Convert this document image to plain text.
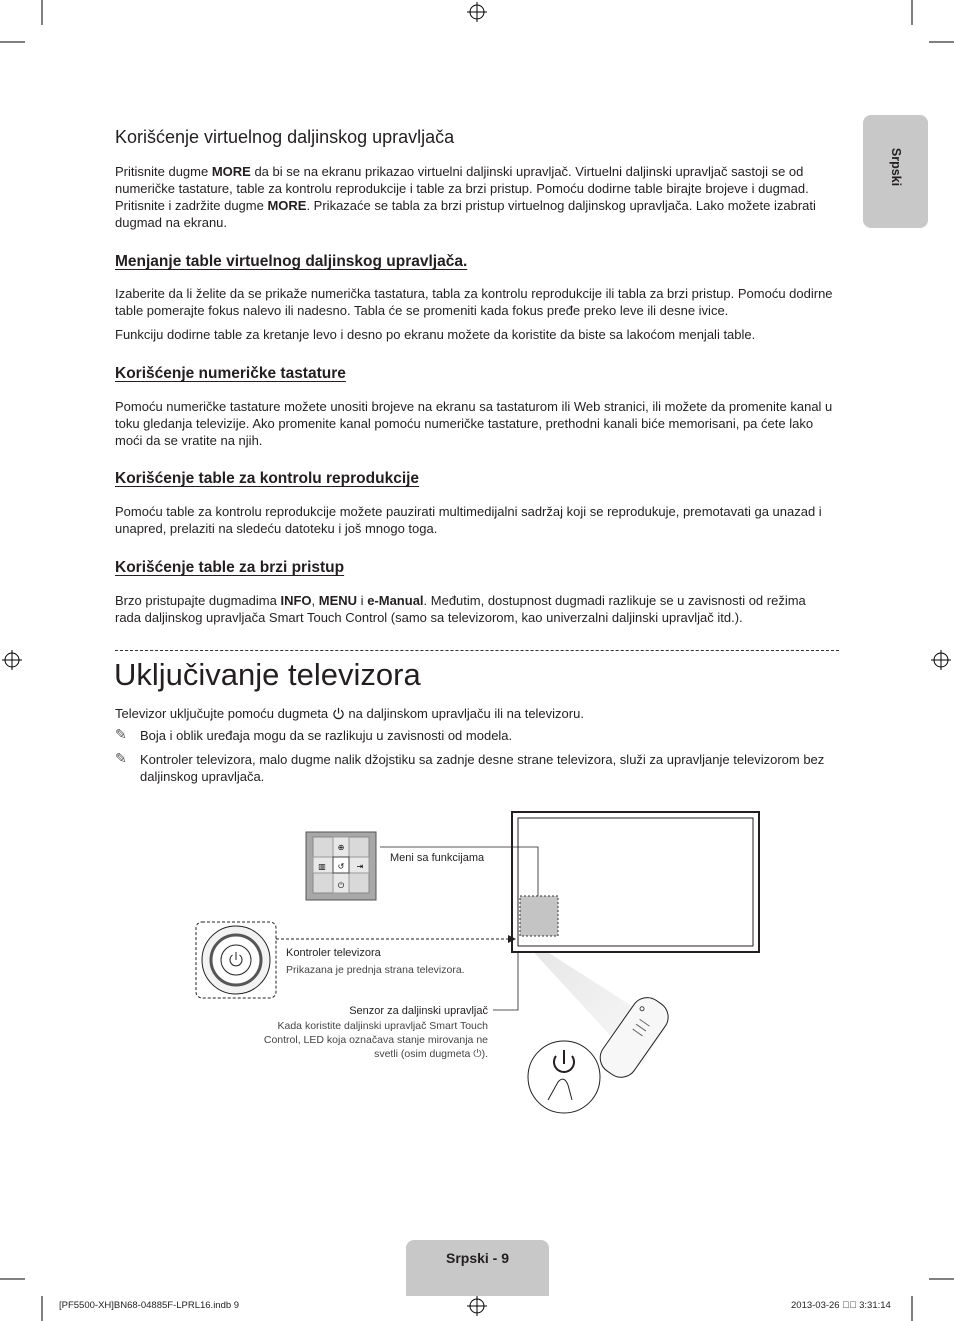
Srpski
Korišćenje virtuelnog daljinskog upravljača

Pritisnite dugme MORE da bi se na ekranu prikazao virtuelni daljinski upravljač. Virtuelni daljinski upravljač sastoji se od numeričke tastature, table za kontrolu reprodukcije i table za brzi pristup. Pomoću dodirne table birajte brojeve i dugmad. Pritisnite i zadržite dugme MORE. Prikazaće se tabla za brzi pristup virtuelnog daljinskog upravljača. Lako možete izabrati dugmad na ekranu.

Menjanje table virtuelnog daljinskog upravljača.

Izaberite da li želite da se prikaže numerička tastatura, tabla za kontrolu reprodukcije ili tabla za brzi pristup. Pomoću dodirne table pomerajte fokus nalevo ili nadesno. Tabla će se promeniti kada fokus pređe preko leve ili desne ivice.

Funkciju dodirne table za kretanje levo i desno po ekranu možete da koristite da biste sa lakoćom menjali table.

Korišćenje numeričke tastature

Pomoću numeričke tastature možete unositi brojeve na ekranu sa tastaturom ili Web stranici, ili možete da promenite kanal u toku gledanja televizije. Ako promenite kanal pomoću numeričke tastature, prethodni kanali biće memorisani, pa ćete lako moći da se vratite na njih.

Korišćenje table za kontrolu reprodukcije

Pomoću table za kontrolu reprodukcije možete pauzirati multimedijalni sadržaj koji se reprodukuje, premotavati ga unazad i unapred, prelaziti na sledeću datoteku i još mnogo toga.

Korišćenje table za brzi pristup

Brzo pristupajte dugmadima INFO, MENU i e-Manual. Međutim, dostupnost dugmadi razlikuje se u zavisnosti od režima rada daljinskog upravljača Smart Touch Control (samo sa televizorom, kao univerzalni daljinski upravljač itd.).

Uključivanje televizora

Televizor uključujte pomoću dugmeta  na daljinskom upravljaču ili na televizoru.

✎ Boja i oblik uređaja mogu da se razlikuju u zavisnosti od modela.

✎ Kontroler televizora, malo dugme nalik džojstiku sa zadnje desne strane televizora, služi za upravljanje televizorom bez daljinskog upravljača.

⊕
▥ ↺ ⇥
⏻
Meni sa funkcijama
Kontroler televizora
Prikazana je prednja strana televizora.
Senzor za daljinski upravljač
Kada koristite daljinski upravljač Smart Touch Control, LED koja označava stanje mirovanja ne svetli (osim dugmeta ⏻).
Srpski - 9
[PF5500-XH]BN68-04885F-LPRL16.indb 9	2013-03-26 ￿￿ 3:31:14
